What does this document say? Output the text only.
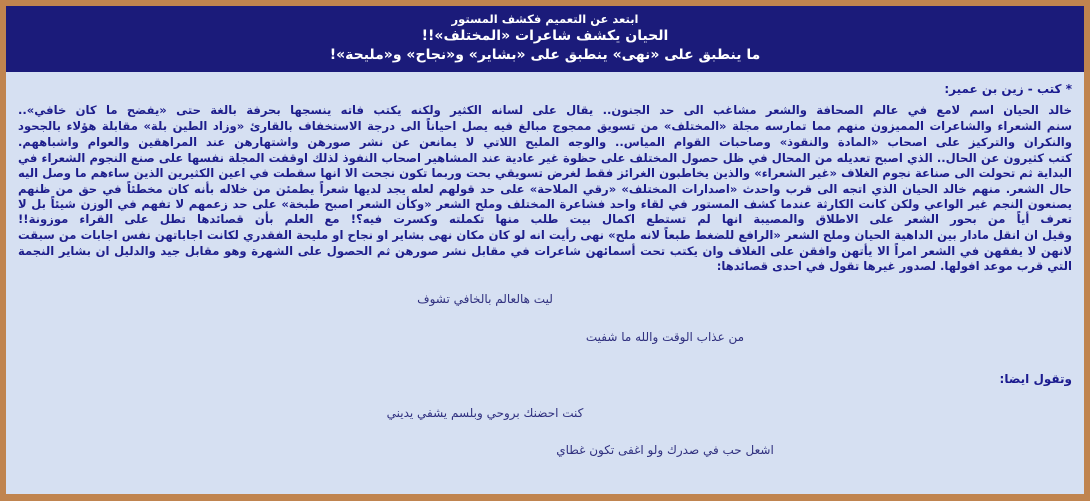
ابتعد عن التعميم فكشف المستور
الحيان يكشف شاعرات «المختلف»!!
ما ينطبق على «نهى» ينطبق على «بشاير» و«نجاح» و«مليحة»!

* كتب - زين بن عمير:

خالد الحيان اسم لامع في عالم الصحافة والشعر مشاغب الى حد الجنون.. يقال على لسانه الكثير ولكنه يكتب فاته ينسجها بحرفة بالغة حتى «يفضح ما كان خافي»..

سنم الشعراء والشاعرات المميزون منهم مما تمارسه مجلة «المختلف» من تسويق ممجوج مبالغ فيه يصل احياناً الى درجة الاستخفاف بالقارئ «وزاد الطين بلة» مقابلة هؤلاء بالجحود والنكران والتركيز على اصحاب «المادة والنقوذ» وصاحبات القوام المياس.. والوجه المليح اللاتي لا يمانعن عن نشر صورهن واشتهارهن عند المراهقين والعوام واشباههم.

كتب كثيرون عن الحال.. الذي اصبح تعديله من المحال في ظل حصول المختلف على حظوة غير عادية عند المشاهير اصحاب النفوذ لذلك اوقفت المجلة نفسها على صنع النجوم الشعراء في البداية ثم تحولت الى صناعة نجوم الغلاف «غير الشعراء» والذين يخاطبون الغرائز فقط لغرض تسويقي بحت وربما تكون نجحت الا انها سقطت في اعين الكثيرين الذين ساءهم ما وصل اليه حال الشعر. منهم خالد الحيان الذي اتجه الى قرب واحدث «اصدارات المختلف» «رقي الملاحة» على حد قولهم لعله يجد لديها شعراً يطمئن من خلاله بأنه كان مخطئاً في حق من ظنهم يصنعون النجم غير الواعي ولكن كانت الكارثة عندما كشف المستور في لقاء واحد فشاعرة المختلف وملح الشعر «وكأن الشعر اصبح طبخة» على حد زعمهم لا تفهم في الوزن شيئاً بل لا تعرف أياً من بحور الشعر على الاطلاق والمصيبة انها لم تستطع اكمال بيت طلب منها تكملته وكسرت فيه؟! مع العلم بأن قصائدها تطل على القراء موزونة!!

وقيل ان انقل مادار بين الداهية الحيان وملح الشعر «الرافع للضغط طبعاً لانه ملح» نهى رأيت انه لو كان مكان نهى بشاير او نجاح او مليحة الفقدري لكانت اجاباتهن نفس اجابات من سبقت لانهن لا يفقهن في الشعر امراً الا يأتهن وافقن على الغلاف وان يكتب تحت أسمائهن شاعرات في مقابل نشر صورهن ثم الحصول على الشهرة وهو مقابل جيد والدليل ان بشاير النجمة التي قرب موعد افولها. لصدور غيرها تقول في احدى قصائدها:

ليت هالعالم بالخافي تشوف
من عذاب الوقت والله ما شفيت

وتقول ايضا:

كنت احضنك بروحي وبلسم يشفي يديني
اشعل حب في صدرك ولو اغفى تكون غطاي
